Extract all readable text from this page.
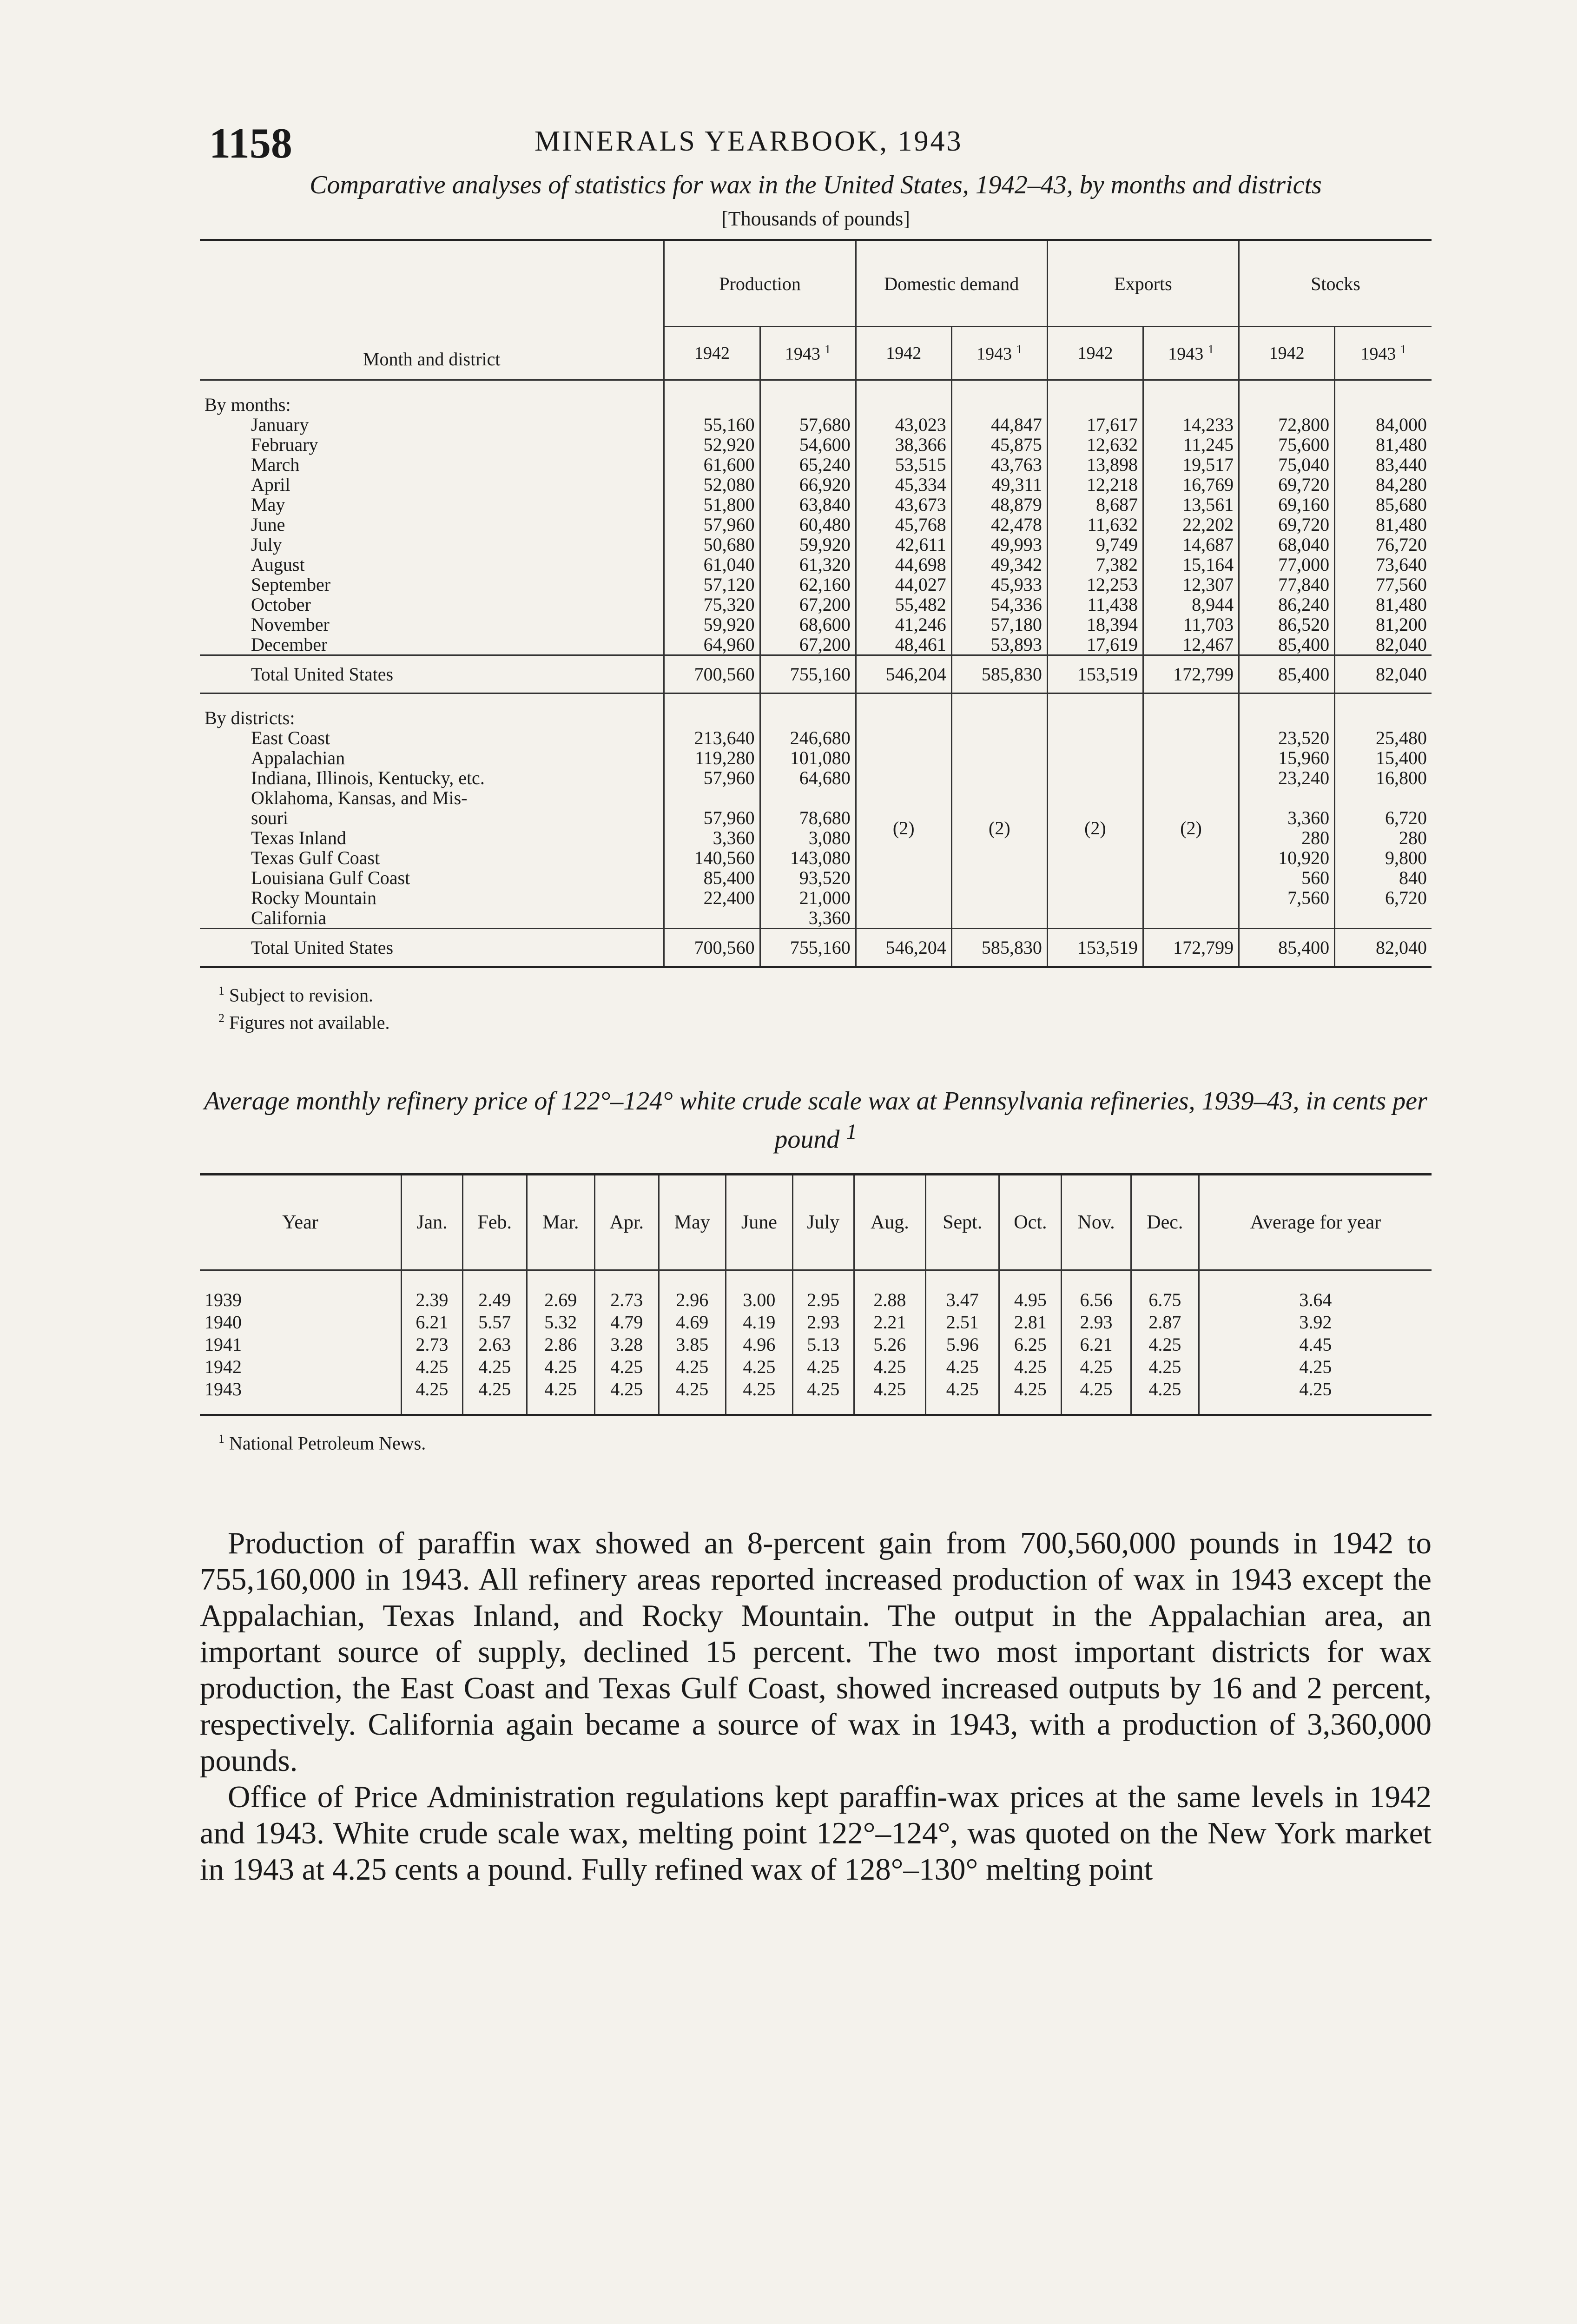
1158	MINERALS YEARBOOK, 1943
Comparative analyses of statistics for wax in the United States, 1942–43, by months and districts
[Thousands of pounds]
Month and district	Production		Domestic demand		Exports		Stocks	
	1942	1943 $^1$	1942	1943 $^1$	1942	1943 $^1$	1942	1943 $^1$
By months:								
January	55,160	57,680	43,023	44,847	17,617	14,233	72,800	84,000
February	52,920	54,600	38,366	45,875	12,632	11,245	75,600	81,480
March	61,600	65,240	53,515	43,763	13,898	19,517	75,040	83,440
April	52,080	66,920	45,334	49,311	12,218	16,769	69,720	84,280
May	51,800	63,840	43,673	48,879	8,687	13,561	69,160	85,680
June	57,960	60,480	45,768	42,478	11,632	22,202	69,720	81,480
July	50,680	59,920	42,611	49,993	9,749	14,687	68,040	76,720
August	61,040	61,320	44,698	49,342	7,382	15,164	77,000	73,640
September	57,120	62,160	44,027	45,933	12,253	12,307	77,840	77,560
October	75,320	67,200	55,482	54,336	11,438	8,944	86,240	81,480
November	59,920	68,600	41,246	57,180	18,394	11,703	86,520	81,200
December	64,960	67,200	48,461	53,893	17,619	12,467	85,400	82,040
Total United States	700,560	755,160	546,204	585,830	153,519	172,799	85,400	82,040
By districts:								
East Coast	213,640	246,680	(2)	(2)	(2)	(2)	23,520	25,480
Appalachian	119,280	101,080					15,960	15,400
Indiana, Illinois, Kentucky, etc.	57,960	64,680					23,240	16,800
Oklahoma, Kansas, and Mis-								
souri	57,960	78,680					3,360	6,720
Texas Inland	3,360	3,080					280	280
Texas Gulf Coast	140,560	143,080					10,920	9,800
Louisiana Gulf Coast	85,400	93,520					560	840
Rocky Mountain	22,400	21,000					7,560	6,720
California		3,360						
Total United States	700,560	755,160	546,204	585,830	153,519	172,799	85,400	82,040
$^1$ Subject to revision.
$^2$ Figures not available.
Average monthly refinery price of 122°–124° white crude scale wax at Pennsylvania refineries, 1939–43, in cents per pound $^1$
Year	Jan.	Feb.	Mar.	Apr.	May	June	July	Aug.	Sept.	Oct.	Nov.	Dec.	Average for year
1939	2.39	2.49	2.69	2.73	2.96	3.00	2.95	2.88	3.47	4.95	6.56	6.75	3.64
1940	6.21	5.57	5.32	4.79	4.69	4.19	2.93	2.21	2.51	2.81	2.93	2.87	3.92
1941	2.73	2.63	2.86	3.28	3.85	4.96	5.13	5.26	5.96	6.25	6.21	4.25	4.45
1942	4.25	4.25	4.25	4.25	4.25	4.25	4.25	4.25	4.25	4.25	4.25	4.25	4.25
1943	4.25	4.25	4.25	4.25	4.25	4.25	4.25	4.25	4.25	4.25	4.25	4.25	4.25
$^1$ National Petroleum News.

Production of paraffin wax showed an 8-percent gain from 700,560,000 pounds in 1942 to 755,160,000 in 1943. All refinery areas reported increased production of wax in 1943 except the Appalachian, Texas Inland, and Rocky Mountain. The output in the Appalachian area, an important source of supply, declined 15 percent. The two most important districts for wax production, the East Coast and Texas Gulf Coast, showed increased outputs by 16 and 2 percent, respectively. California again became a source of wax in 1943, with a production of 3,360,000 pounds.

Office of Price Administration regulations kept paraffin-wax prices at the same levels in 1942 and 1943. White crude scale wax, melting point 122°–124°, was quoted on the New York market in 1943 at 4.25 cents a pound. Fully refined wax of 128°–130° melting point
